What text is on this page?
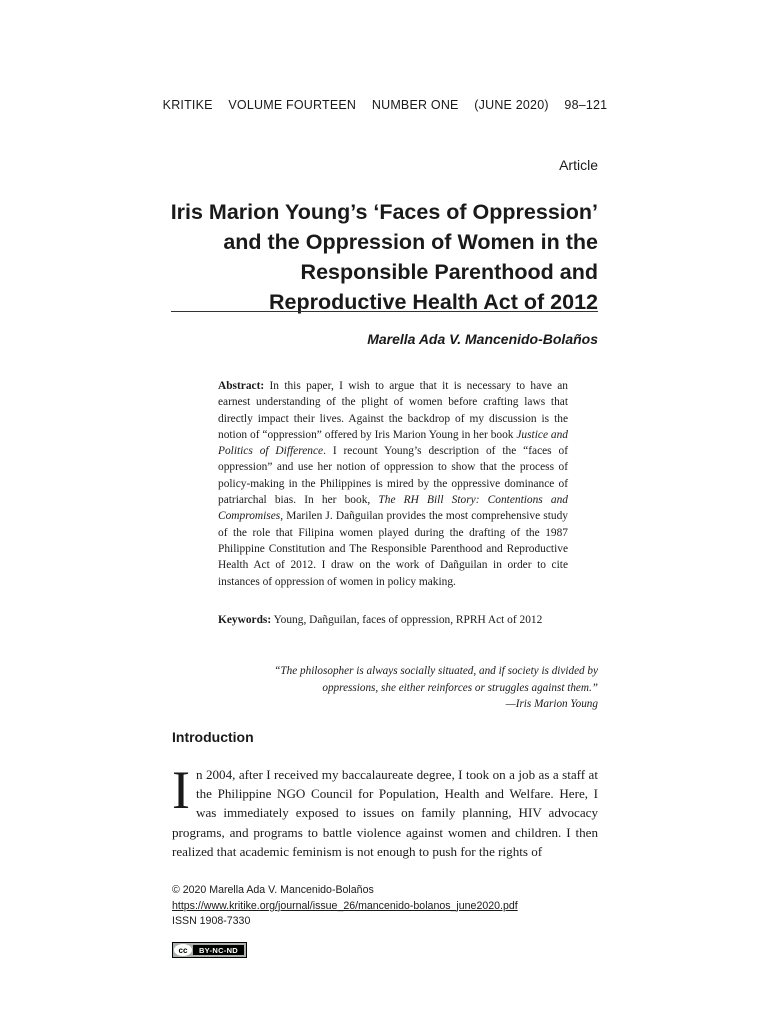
KRITIKE VOLUME FOURTEEN NUMBER ONE (JUNE 2020) 98–121
Article
Iris Marion Young’s ‘Faces of Oppression’
and the Oppression of Women in the
Responsible Parenthood and
Reproductive Health Act of 2012
Marella Ada V. Mancenido-Bolaños
Abstract: In this paper, I wish to argue that it is necessary to have an earnest understanding of the plight of women before crafting laws that directly impact their lives. Against the backdrop of my discussion is the notion of “oppression” offered by Iris Marion Young in her book Justice and Politics of Difference. I recount Young’s description of the “faces of oppression” and use her notion of oppression to show that the process of policy-making in the Philippines is mired by the oppressive dominance of patriarchal bias. In her book, The RH Bill Story: Contentions and Compromises, Marilen J. Dañguilan provides the most comprehensive study of the role that Filipina women played during the drafting of the 1987 Philippine Constitution and The Responsible Parenthood and Reproductive Health Act of 2012. I draw on the work of Dañguilan in order to cite instances of oppression of women in policy making.
Keywords: Young, Dañguilan, faces of oppression, RPRH Act of 2012
“The philosopher is always socially situated, and if society is divided by
oppressions, she either reinforces or struggles against them.”
—Iris Marion Young
Introduction
In 2004, after I received my baccalaureate degree, I took on a job as a staff at the Philippine NGO Council for Population, Health and Welfare. Here, I was immediately exposed to issues on family planning, HIV advocacy programs, and programs to battle violence against women and children. I then realized that academic feminism is not enough to push for the rights of
© 2020 Marella Ada V. Mancenido-Bolaños
https://www.kritike.org/journal/issue_26/mancenido-bolanos_june2020.pdf
ISSN 1908-7330
cc	BY-NC-ND
